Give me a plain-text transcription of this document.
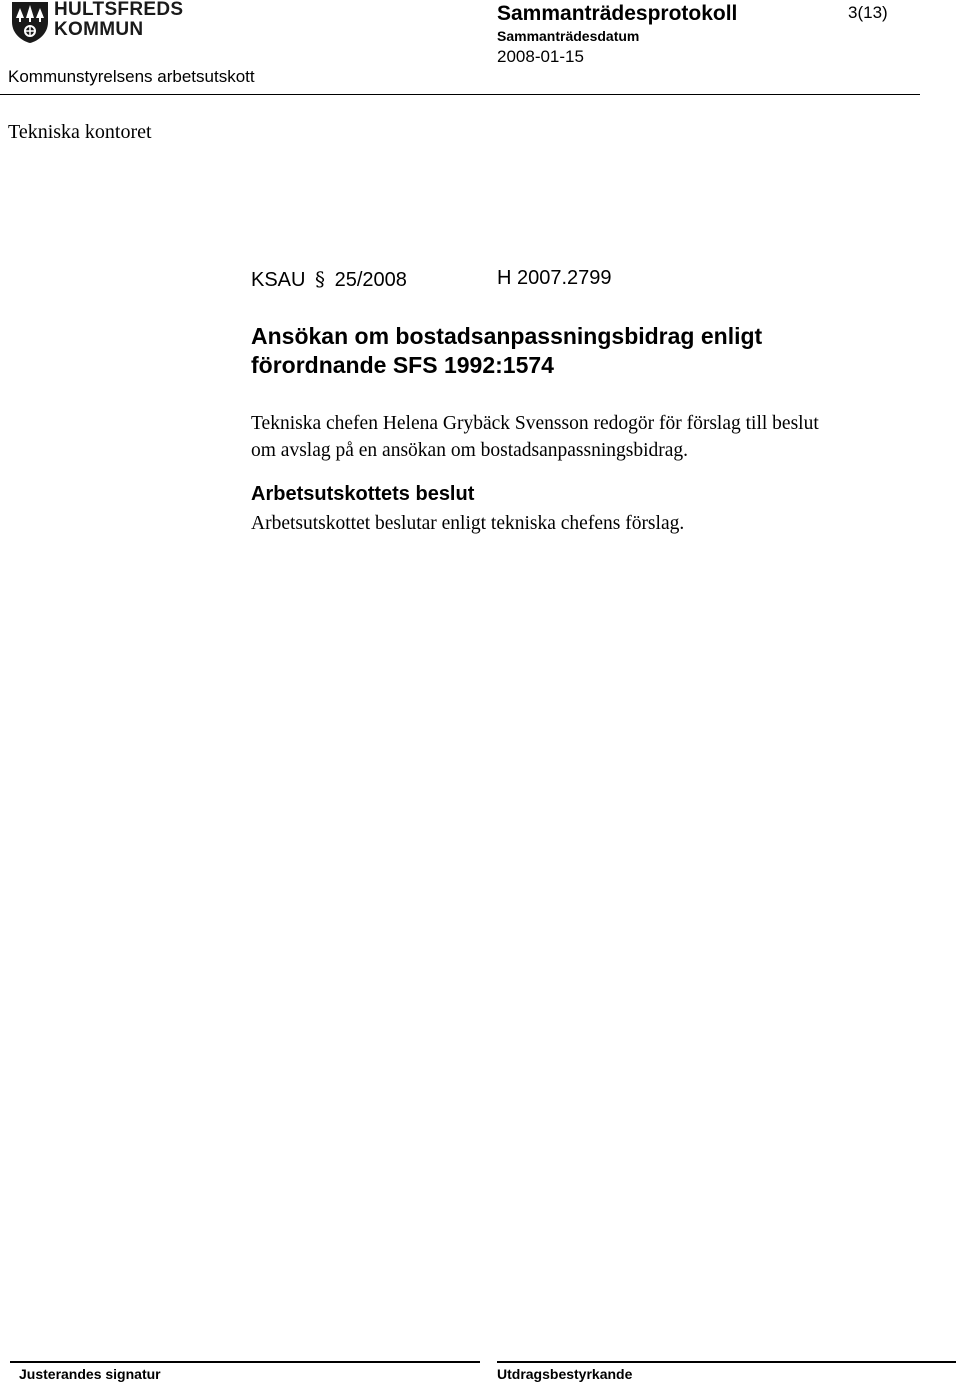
HULTSFREDS
KOMMUN
Sammanträdesprotokoll	3(13)
Sammanträdesdatum
2008-01-15
Kommunstyrelsens arbetsutskott
Tekniska kontoret
KSAU § 25/2008	H 2007.2799
Ansökan om bostadsanpassningsbidrag enligt
förordnande SFS 1992:1574
Tekniska chefen Helena Grybäck Svensson redogör för förslag till beslut
om avslag på en ansökan om bostadsanpassningsbidrag.
Arbetsutskottets beslut
Arbetsutskottet beslutar enligt tekniska chefens förslag.
Justerandes signatur	Utdragsbestyrkande
